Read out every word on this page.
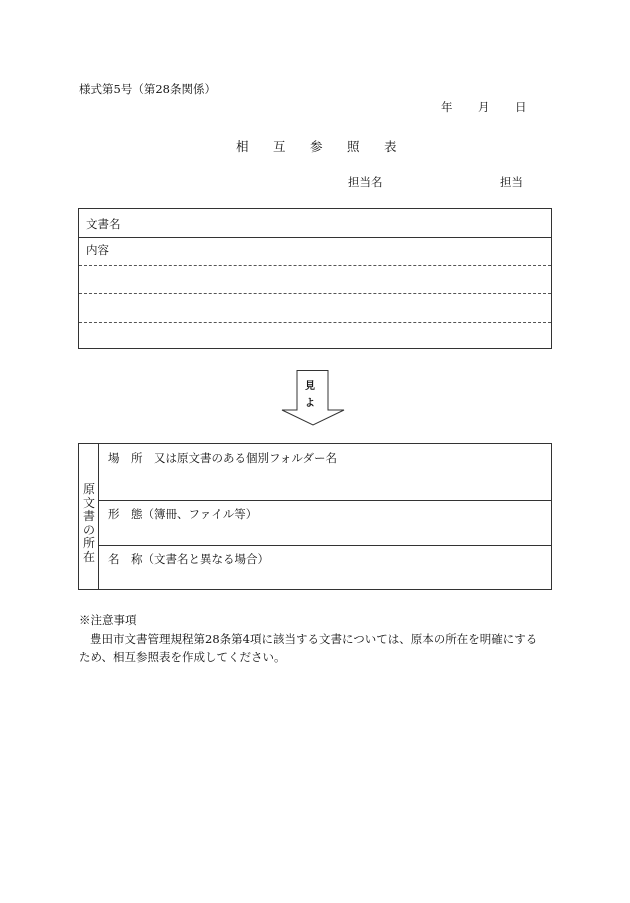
様式第5号（第28条関係）
年 月 日
相 互 参 照 表
担当名	担当
文書名
内容
見
よ
原
文
書
の
所
在
場　所　又は原文書のある個別フォルダー名
形　態（簿冊、ファイル等）
名　称（文書名と異なる場合）
※注意事項
豊田市文書管理規程第28条第4項に該当する文書については、原本の所在を明確にする
ため、相互参照表を作成してください。
